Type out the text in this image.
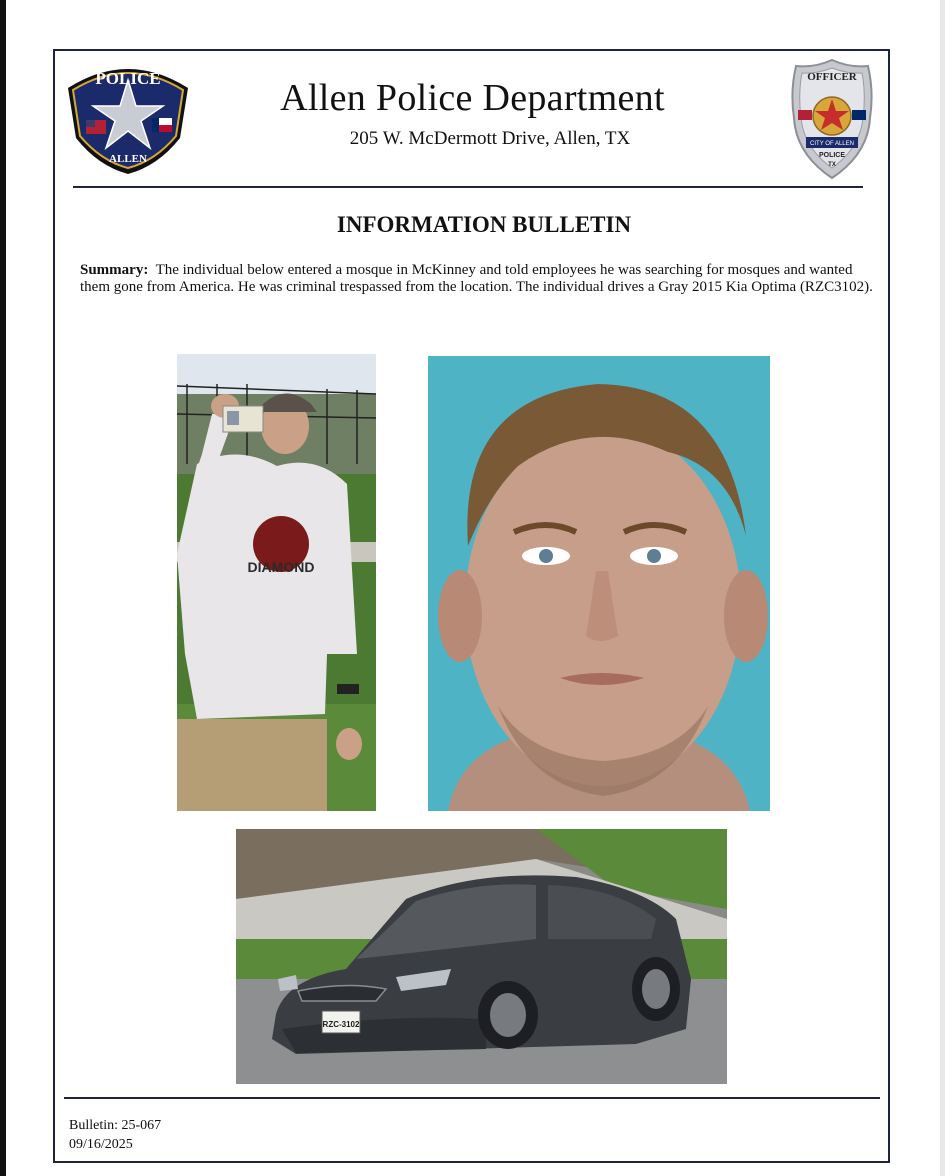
POLICE
ALLEN
OFFICER
CITY OF ALLEN
POLICE
TX
Allen Police Department
205 W. McDermott Drive, Allen, TX
INFORMATION BULLETIN
Summary: The individual below entered a mosque in McKinney and told employees he was searching for mosques and wanted them gone from America. He was criminal trespassed from the location. The individual drives a Gray 2015 Kia Optima (RZC3102).
DIAMOND
RZC-3102
Bulletin: 25-067
09/16/2025
